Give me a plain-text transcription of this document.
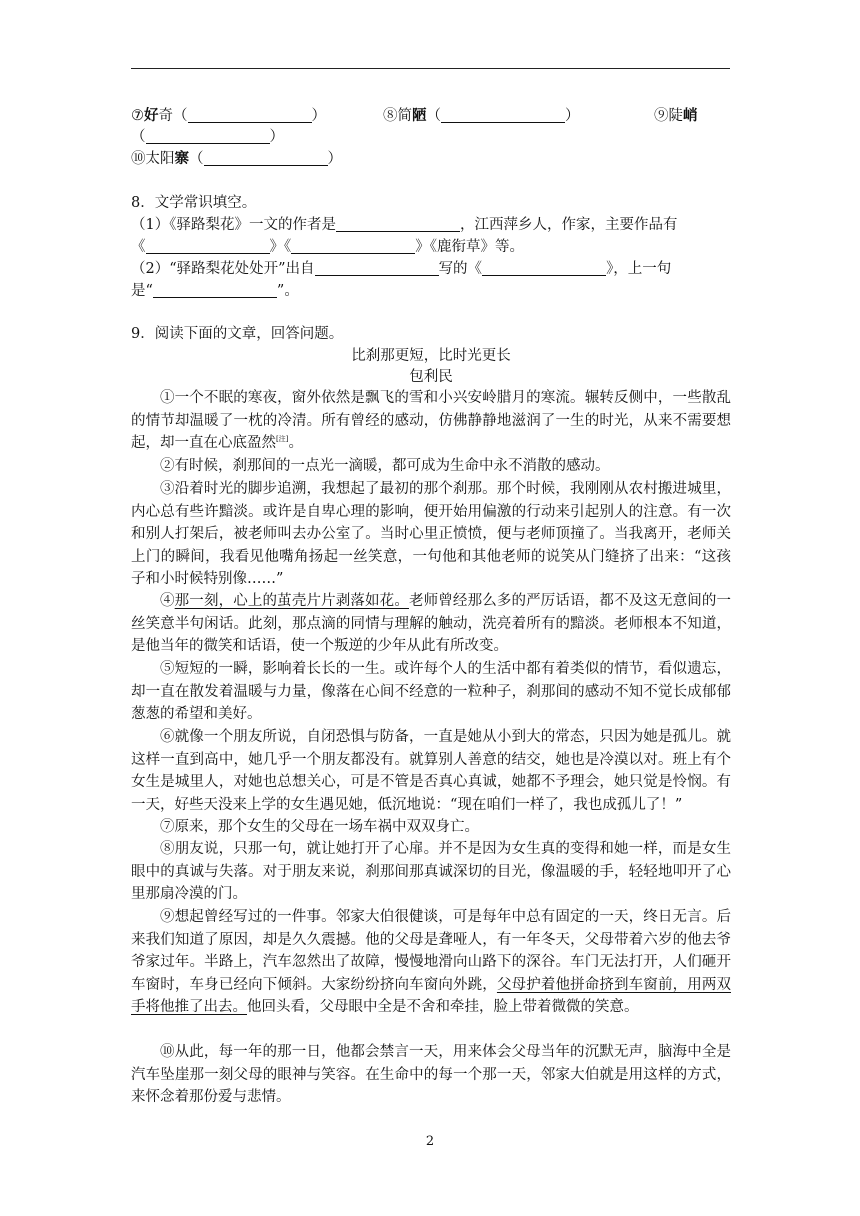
⑦好奇（	）	⑧简陋（	）	⑨陡峭
（	）
⑩太阳寨（	）
8．文学常识填空。
（1）《驿路梨花》一文的作者是	，江西萍乡人，作家，主要作品有
《	》《	》《鹿衔草》等。
（2）“驿路梨花处处开”出自	写的《	》，上一句
是“	”。
9．阅读下面的文章，回答问题。
比刹那更短，比时光更长
包利民
①一个不眠的寒夜，窗外依然是飘飞的雪和小兴安岭腊月的寒流。辗转反侧中，一些散乱的情节却温暖了一枕的冷清。所有曾经的感动，仿佛静静地滋润了一生的时光，从来不需要想起，却一直在心底盈然[注]。
②有时候，刹那间的一点光一滴暖，都可成为生命中永不消散的感动。
③沿着时光的脚步追溯，我想起了最初的那个刹那。那个时候，我刚刚从农村搬进城里，内心总有些许黯淡。或许是自卑心理的影响，便开始用偏激的行动来引起别人的注意。有一次和别人打架后，被老师叫去办公室了。当时心里正愤愤，便与老师顶撞了。当我离开，老师关上门的瞬间，我看见他嘴角扬起一丝笑意，一句他和其他老师的说笑从门缝挤了出来：“这孩子和小时候特别像……”
④那一刻，心上的茧壳片片剥落如花。老师曾经那么多的严厉话语，都不及这无意间的一丝笑意半句闲话。此刻，那点滴的同情与理解的触动，洗亮着所有的黯淡。老师根本不知道，是他当年的微笑和话语，使一个叛逆的少年从此有所改变。
⑤短短的一瞬，影响着长长的一生。或许每个人的生活中都有着类似的情节，看似遗忘，却一直在散发着温暖与力量，像落在心间不经意的一粒种子，刹那间的感动不知不觉长成郁郁葱葱的希望和美好。
⑥就像一个朋友所说，自闭恐惧与防备，一直是她从小到大的常态，只因为她是孤儿。就这样一直到高中，她几乎一个朋友都没有。就算别人善意的结交，她也是冷漠以对。班上有个女生是城里人，对她也总想关心，可是不管是否真心真诚，她都不予理会，她只觉是怜悯。有一天，好些天没来上学的女生遇见她，低沉地说：“现在咱们一样了，我也成孤儿了！”
⑦原来，那个女生的父母在一场车祸中双双身亡。
⑧朋友说，只那一句，就让她打开了心扉。并不是因为女生真的变得和她一样，而是女生眼中的真诚与失落。对于朋友来说，刹那间那真诚深切的目光，像温暖的手，轻轻地叩开了心里那扇冷漠的门。
⑨想起曾经写过的一件事。邻家大伯很健谈，可是每年中总有固定的一天，终日无言。后来我们知道了原因，却是久久震撼。他的父母是聋哑人，有一年冬天，父母带着六岁的他去爷爷家过年。半路上，汽车忽然出了故障，慢慢地滑向山路下的深谷。车门无法打开，人们砸开车窗时，车身已经向下倾斜。大家纷纷挤向车窗向外跳，父母护着他拼命挤到车窗前，用两双手将他推了出去。他回头看，父母眼中全是不舍和牵挂，脸上带着微微的笑意。
⑩从此，每一年的那一日，他都会禁言一天，用来体会父母当年的沉默无声，脑海中全是汽车坠崖那一刻父母的眼神与笑容。在生命中的每一个那一天，邻家大伯就是用这样的方式，来怀念着那份爱与悲情。
2
